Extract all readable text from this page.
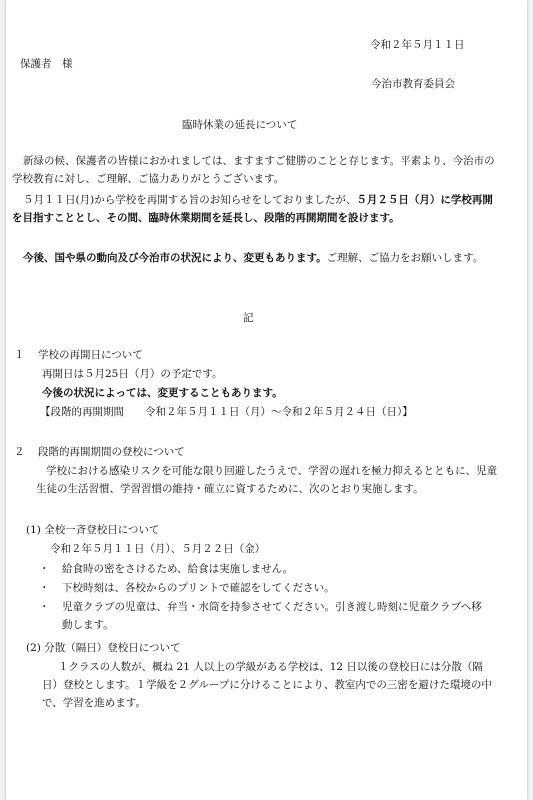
令和２年５月１１日
保護者　様
今治市教育委員会
臨時休業の延長について
新緑の候、保護者の皆様におかれましては、ますますご健勝のことと存じます。平素より、今治市の学校教育に対し、ご理解、ご協力ありがとうございます。
５月１１日(月)から学校を再開する旨のお知らせをしておりましたが、５月２５日（月）に学校再開を目指すこととし、その間、臨時休業期間を延長し、段階的再開期間を設けます。
今後、国や県の動向及び今治市の状況により、変更もあります。ご理解、ご協力をお願いします。
記
１ 学校の再開日について
再開日は５月25日（月）の予定です。
今後の状況によっては、変更することもあります。
【段階的再開期間　　令和２年５月１１日（月）～令和２年５月２４日（日）】
２ 段階的再開期間の登校について
学校における感染リスクを可能な限り回避したうえで、学習の遅れを極力抑えるとともに、児童生徒の生活習慣、学習習慣の維持・確立に資するために、次のとおり実施します。
(1) 全校一斉登校日について
令和２年５月１１日（月）、５月２２日（金）
・ 給食時の密をさけるため、給食は実施しません。
・ 下校時刻は、各校からのプリントで確認をしてください。
・ 児童クラブの児童は、弁当・水筒を持参させてください。引き渡し時刻に児童クラブへ移動します。
(2) 分散（隔日）登校日について
１クラスの人数が、概ね 21 人以上の学級がある学校は、12 日以後の登校日には分散（隔日）登校とします。１学級を２グループに分けることにより、教室内での三密を避けた環境の中で、学習を進めます。
